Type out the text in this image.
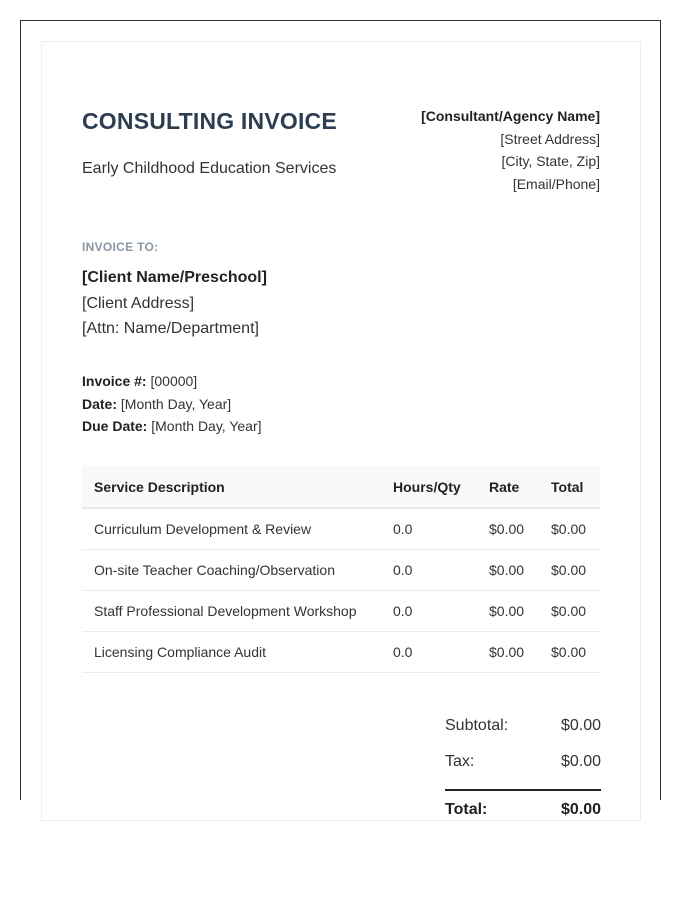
CONSULTING INVOICE
Early Childhood Education Services
[Consultant/Agency Name]
[Street Address]
[City, State, Zip]
[Email/Phone]
INVOICE TO:
[Client Name/Preschool]
[Client Address]
[Attn: Name/Department]
Invoice #: [00000]
Date: [Month Day, Year]
Due Date: [Month Day, Year]
Service Description	Hours/Qty	Rate	Total
Curriculum Development & Review	0.0	$0.00	$0.00
On-site Teacher Coaching/Observation	0.0	$0.00	$0.00
Staff Professional Development Workshop	0.0	$0.00	$0.00
Licensing Compliance Audit	0.0	$0.00	$0.00
Subtotal:	$0.00
Tax:	$0.00
Total:	$0.00
